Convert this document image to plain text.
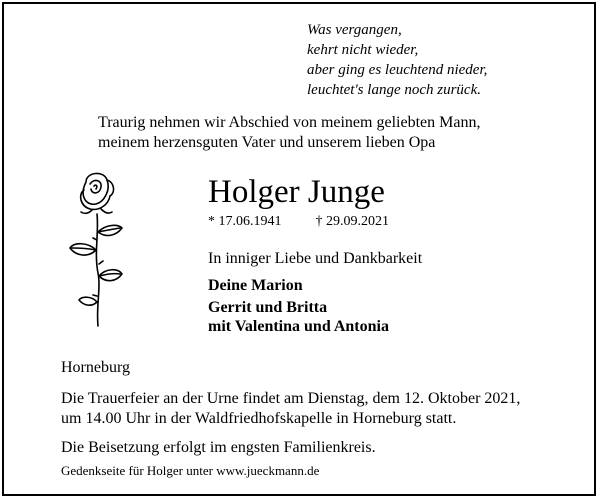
Was vergangen,
kehrt nicht wieder,
aber ging es leuchtend nieder,
leuchtet's lange noch zurück.
Traurig nehmen wir Abschied von meinem geliebten Mann,
meinem herzensguten Vater und unserem lieben Opa
Holger Junge
* 17.06.1941 † 29.09.2021
In inniger Liebe und Dankbarkeit
Deine Marion
Gerrit und Britta
mit Valentina und Antonia
Horneburg
Die Trauerfeier an der Urne findet am Dienstag, dem 12. Oktober 2021,
um 14.00 Uhr in der Waldfriedhofskapelle in Horneburg statt.
Die Beisetzung erfolgt im engsten Familienkreis.
Gedenkseite für Holger unter www.jueckmann.de
